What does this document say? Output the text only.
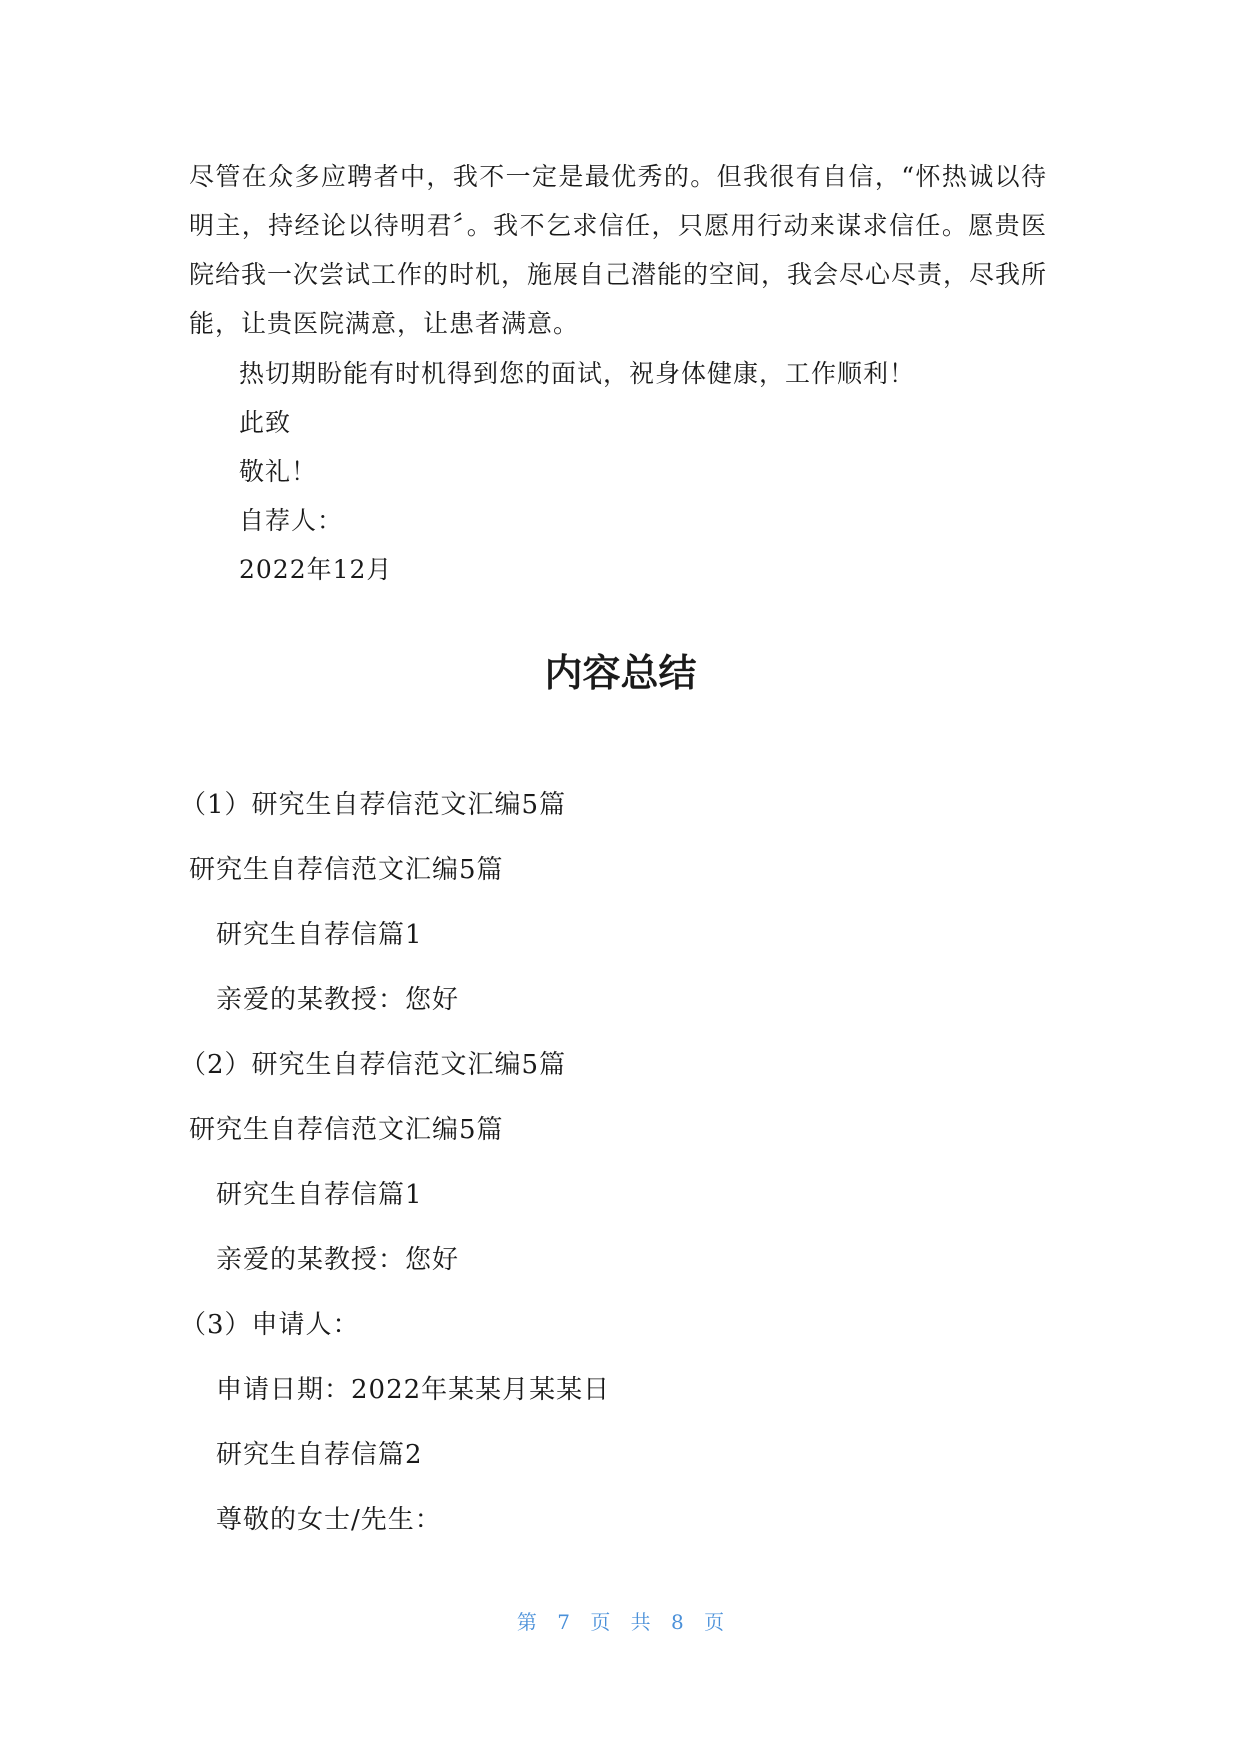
尽管在众多应聘者中，我不一定是最优秀的。但我很有自信，“怀热诚以待明主，持经论以待明君〞。我不乞求信任，只愿用行动来谋求信任。愿贵医院给我一次尝试工作的时机，施展自己潜能的空间，我会尽心尽责，尽我所能，让贵医院满意，让患者满意。

热切期盼能有时机得到您的面试，祝身体健康，工作顺利！

此致

敬礼！

自荐人：

2022年12月

内容总结

（1）研究生自荐信范文汇编5篇

研究生自荐信范文汇编5篇

研究生自荐信篇1

亲爱的某教授：您好

（2）研究生自荐信范文汇编5篇

研究生自荐信范文汇编5篇

研究生自荐信篇1

亲爱的某教授：您好

（3）申请人：

申请日期：2022年某某月某某日

研究生自荐信篇2

尊敬的女士/先生：

第 7 页 共 8 页
